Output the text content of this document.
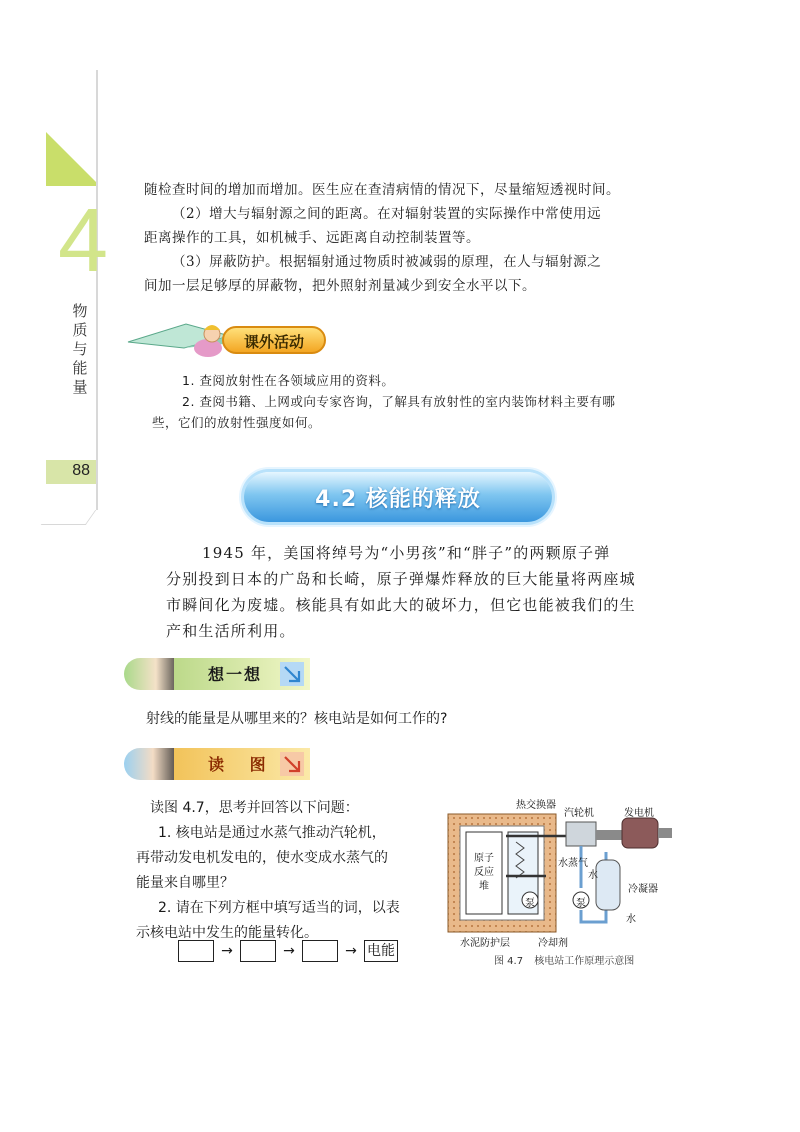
4
物质与能量
88
随检查时间的增加而增加。医生应在查清病情的情况下，尽量缩短透视时间。
（2）增大与辐射源之间的距离。在对辐射装置的实际操作中常使用远
距离操作的工具，如机械手、远距离自动控制装置等。
（3）屏蔽防护。根据辐射通过物质时被减弱的原理，在人与辐射源之
间加一层足够厚的屏蔽物，把外照射剂量减少到安全水平以下。
课外活动
1. 查阅放射性在各领域应用的资料。
2. 查阅书籍、上网或向专家咨询，了解具有放射性的室内装饰材料主要有哪
些，它们的放射性强度如何。
4.2 核能的释放
1945 年，美国将绰号为“小男孩”和“胖子”的两颗原子弹
分别投到日本的广岛和长崎，原子弹爆炸释放的巨大能量将两座城
市瞬间化为废墟。核能具有如此大的破坏力，但它也能被我们的生
产和生活所利用。
想一想
射线的能量是从哪里来的？核电站是如何工作的?
读 图
读图 4.7，思考并回答以下问题：
1. 核电站是通过水蒸气推动汽轮机，
再带动发电机发电的，使水变成水蒸气的
能量来自哪里？
2. 请在下列方框中填写适当的词，以表
示核电站中发生的能量转化。
→	→	→ 电能
热交换器
汽轮机	发电机
原子反应堆
水蒸气
水
冷凝器
泵	泵
水
水泥防护层	冷却剂
图 4.7 核电站工作原理示意图
